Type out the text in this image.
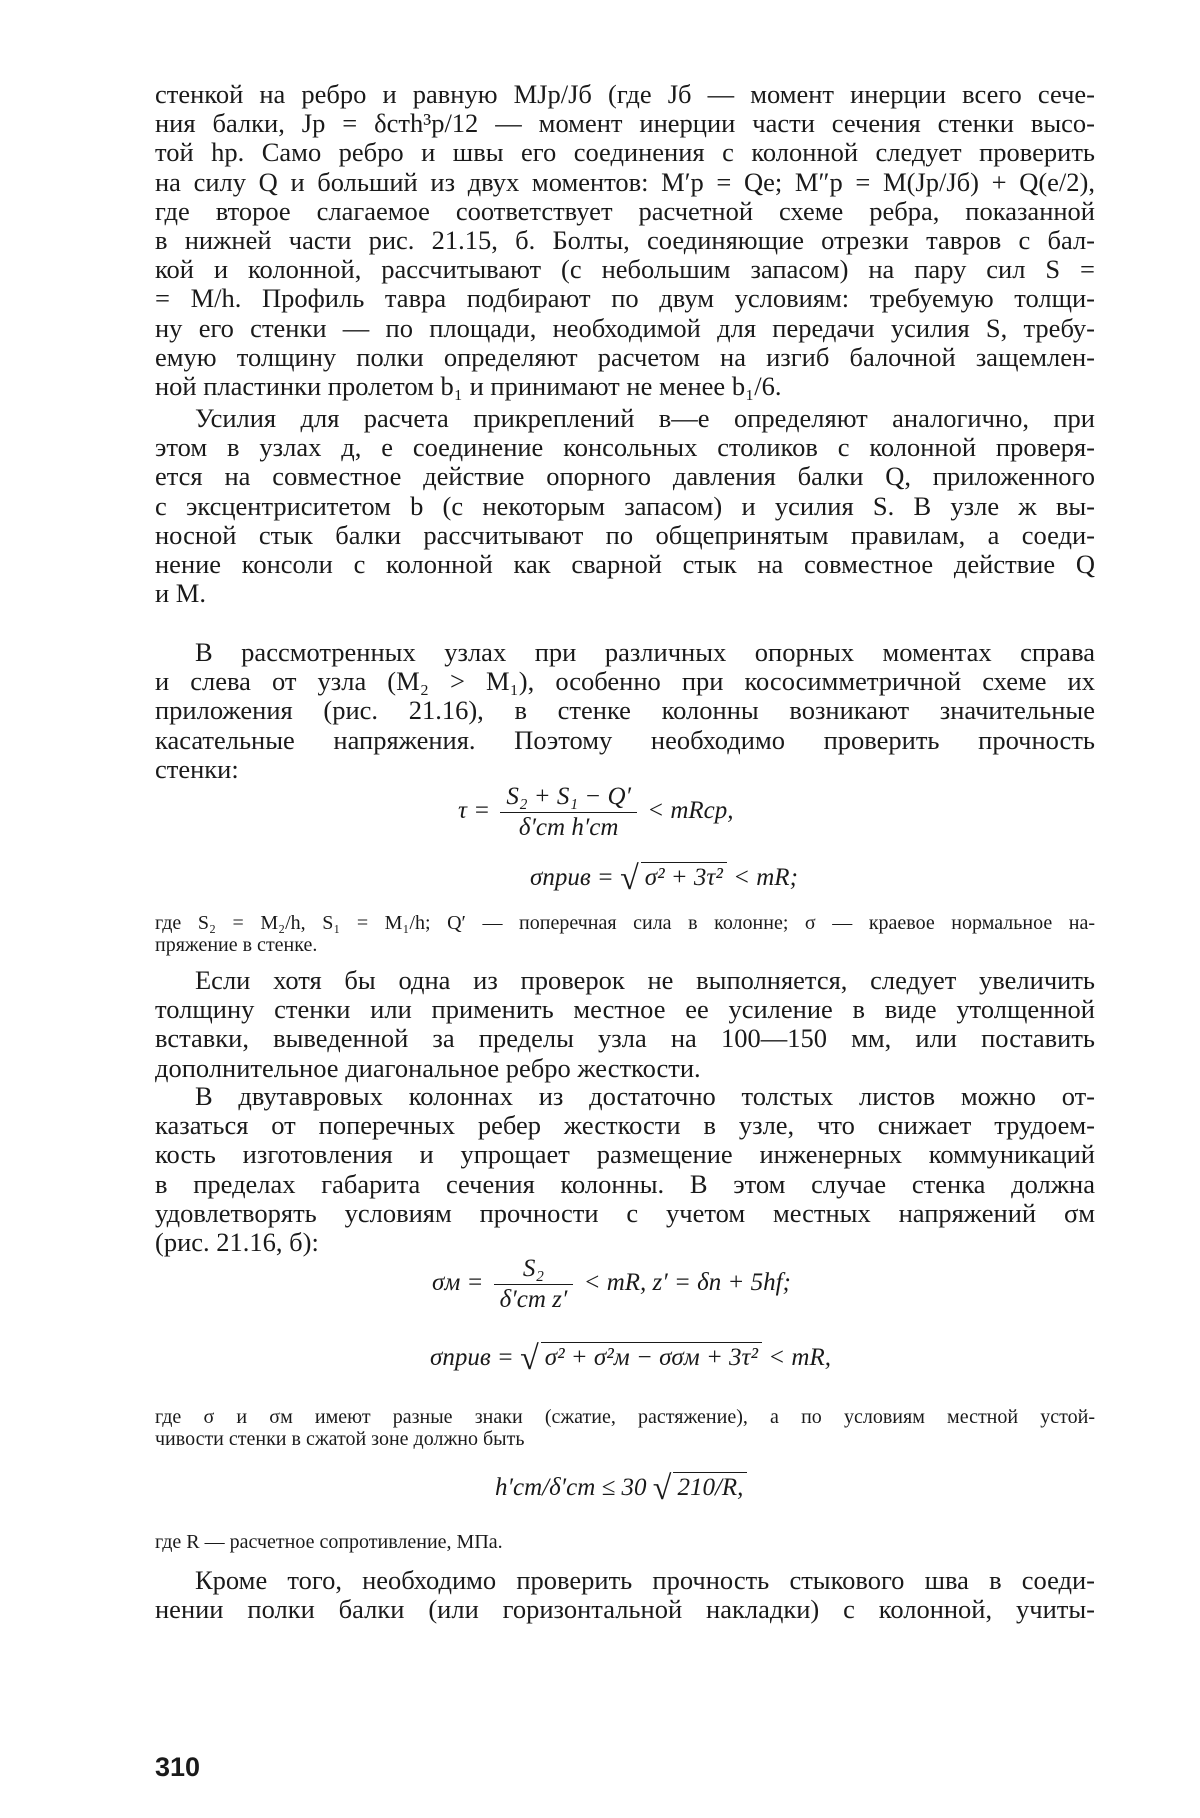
стенкой на ребро и равную MJр/Jб (где Jб — момент инерции всего сече-
ния балки, Jр = δстh³р/12 — момент инерции части сечения стенки высо-
той hр. Само ребро и швы его соединения с колонной следует проверить
на силу Q и больший из двух моментов: M′р = Qe; M″р = M(Jр/Jб) + Q(e/2),
где второе слагаемое соответствует расчетной схеме ребра, показанной
в нижней части рис. 21.15, б. Болты, соединяющие отрезки тавров с бал-
кой и колонной, рассчитывают (с небольшим запасом) на пару сил S =
= M/h. Профиль тавра подбирают по двум условиям: требуемую толщи-
ну его стенки — по площади, необходимой для передачи усилия S, требу-
емую толщину полки определяют расчетом на изгиб балочной защемлен-
ной пластинки пролетом b₁ и принимают не менее b₁/6.

Усилия для расчета прикреплений в—е определяют аналогично, при
этом в узлах д, е соединение консольных столиков с колонной проверя-
ется на совместное действие опорного давления балки Q, приложенного
с эксцентриситетом b (с некоторым запасом) и усилия S. В узле ж вы-
носной стык балки рассчитывают по общепринятым правилам, а соеди-
нение консоли с колонной как сварной стык на совместное действие Q
и M.

В рассмотренных узлах при различных опорных моментах справа
и слева от узла (M₂ > M₁), особенно при кососимметричной схеме их
приложения (рис. 21.16), в стенке колонны возникают значительные
касательные напряжения. Поэтому необходимо проверить прочность
стенки:

$\tau = \frac{\text{S₂ + S₁ − Q′}}{\text{δ′ст h′ст}}$ < mRср,
σприв = √ σ² + 3τ² < mR;

где S₂ = M₂/h, S₁ = M₁/h; Q′ — поперечная сила в колонне; σ — краевое нормальное на-
пряжение в стенке.

Если хотя бы одна из проверок не выполняется, следует увеличить
толщину стенки или применить местное ее усиление в виде утолщенной
вставки, выведенной за пределы узла на 100—150 мм, или поставить
дополнительное диагональное ребро жесткости.

В двутавровых колоннах из достаточно толстых листов можно от-
казаться от поперечных ребер жесткости в узле, что снижает трудоем-
кость изготовления и упрощает размещение инженерных коммуникаций
в пределах габарита сечения колонны. В этом случае стенка должна
удовлетворять условиям прочности с учетом местных напряжений σм
(рис. 21.16, б):

$\sigma м = \frac{\text{S₂}}{\text{δ′ст z′}}$ < mR, z′ = δп + 5hf;
σприв = √ σ² + σ²м − σσм + 3τ² < mR,

где σ и σм имеют разные знаки (сжатие, растяжение), а по условиям местной устой-
чивости стенки в сжатой зоне должно быть

h′ст/δ′ст ≤ 30 √ 210/R,

где R — расчетное сопротивление, МПа.

Кроме того, необходимо проверить прочность стыкового шва в соеди-
нении полки балки (или горизонтальной накладки) с колонной, учиты-

310
